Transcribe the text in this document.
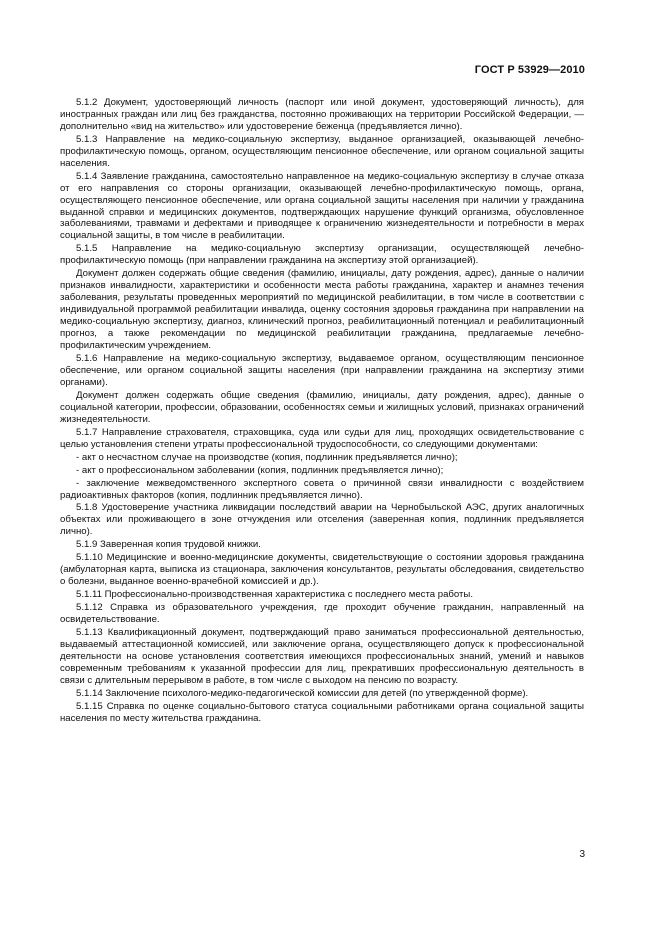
ГОСТ Р 53929—2010

5.1.2 Документ, удостоверяющий личность (паспорт или иной документ, удостоверяющий личность), для иностранных граждан или лиц без гражданства, постоянно проживающих на территории Российской Федерации, — дополнительно «вид на жительство» или удостоверение беженца (предъявляется лично).

5.1.3 Направление на медико-социальную экспертизу, выданное организацией, оказывающей лечебно-профилактическую помощь, органом, осуществляющим пенсионное обеспечение, или органом социальной защиты населения.

5.1.4 Заявление гражданина, самостоятельно направленное на медико-социальную экспертизу в случае отказа от его направления со стороны организации, оказывающей лечебно-профилактическую помощь, органа, осуществляющего пенсионное обеспечение, или органа социальной защиты населения при наличии у гражданина выданной справки и медицинских документов, подтверждающих нарушение функций организма, обусловленное заболеваниями, травмами и дефектами и приводящее к ограничению жизнедеятельности и потребности в мерах социальной защиты, в том числе в реабилитации.

5.1.5 Направление на медико-социальную экспертизу организации, осуществляющей лечебно-профилактическую помощь (при направлении гражданина на экспертизу этой организацией).

Документ должен содержать общие сведения (фамилию, инициалы, дату рождения, адрес), данные о наличии признаков инвалидности, характеристики и особенности места работы гражданина, характер и анамнез течения заболевания, результаты проведенных мероприятий по медицинской реабилитации, в том числе в соответствии с индивидуальной программой реабилитации инвалида, оценку состояния здоровья гражданина при направлении на медико-социальную экспертизу, диагноз, клинический прогноз, реабилитационный потенциал и реабилитационный прогноз, а также рекомендации по медицинской реабилитации гражданина, предлагаемые лечебно-профилактическим учреждением.

5.1.6 Направление на медико-социальную экспертизу, выдаваемое органом, осуществляющим пенсионное обеспечение, или органом социальной защиты населения (при направлении гражданина на экспертизу этими органами).

Документ должен содержать общие сведения (фамилию, инициалы, дату рождения, адрес), данные о социальной категории, профессии, образовании, особенностях семьи и жилищных условий, признаках ограничений жизнедеятельности.

5.1.7 Направление страхователя, страховщика, суда или судьи для лиц, проходящих освидетельствование с целью установления степени утраты профессиональной трудоспособности, со следующими документами:

- акт о несчастном случае на производстве (копия, подлинник предъявляется лично);

- акт о профессиональном заболевании (копия, подлинник предъявляется лично);

- заключение межведомственного экспертного совета о причинной связи инвалидности с воздействием радиоактивных факторов (копия, подлинник предъявляется лично).

5.1.8 Удостоверение участника ликвидации последствий аварии на Чернобыльской АЭС, других аналогичных объектах или проживающего в зоне отчуждения или отселения (заверенная копия, подлинник предъявляется лично).

5.1.9 Заверенная копия трудовой книжки.

5.1.10 Медицинские и военно-медицинские документы, свидетельствующие о состоянии здоровья гражданина (амбулаторная карта, выписка из стационара, заключения консультантов, результаты обследования, свидетельство о болезни, выданное военно-врачебной комиссией и др.).

5.1.11 Профессионально-производственная характеристика с последнего места работы.

5.1.12 Справка из образовательного учреждения, где проходит обучение гражданин, направленный на освидетельствование.

5.1.13 Квалификационный документ, подтверждающий право заниматься профессиональной деятельностью, выдаваемый аттестационной комиссией, или заключение органа, осуществляющего допуск к профессиональной деятельности на основе установления соответствия имеющихся профессиональных знаний, умений и навыков современным требованиям к указанной профессии для лиц, прекративших профессиональную деятельность в связи с длительным перерывом в работе, в том числе с выходом на пенсию по возрасту.

5.1.14 Заключение психолого-медико-педагогической комиссии для детей (по утвержденной форме).

5.1.15 Справка по оценке социально-бытового статуса социальными работниками органа социальной защиты населения по месту жительства гражданина.

3
